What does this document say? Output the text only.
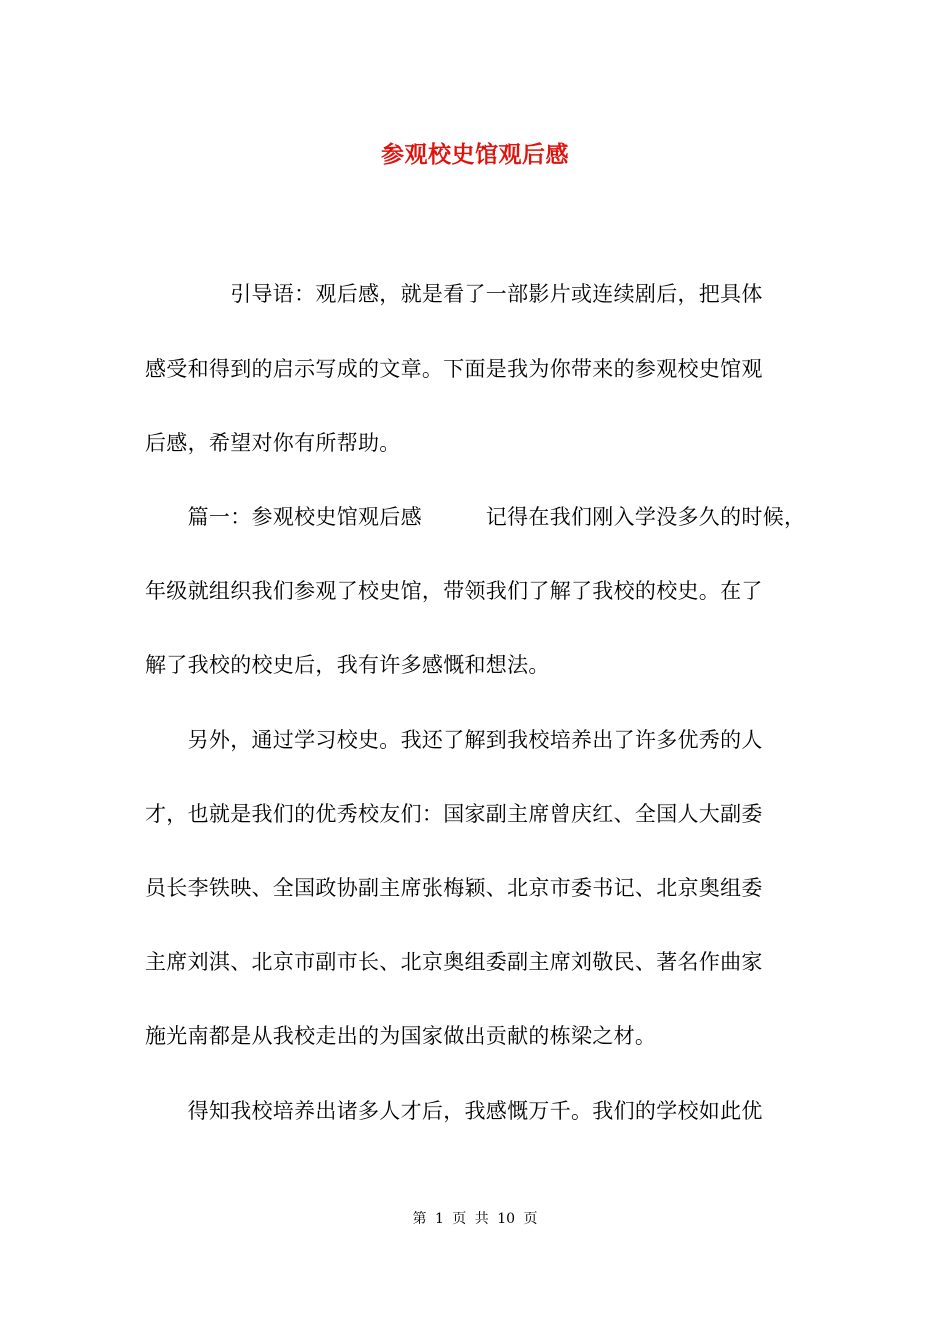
参观校史馆观后感
　　　　引导语：观后感，就是看了一部影片或连续剧后，把具体
感受和得到的启示写成的文章。下面是我为你带来的参观校史馆观
后感，希望对你有所帮助。
　　篇一：参观校史馆观后感　　　记得在我们刚入学没多久的时候，
年级就组织我们参观了校史馆，带领我们了解了我校的校史。在了
解了我校的校史后，我有许多感慨和想法。
　　另外，通过学习校史。我还了解到我校培养出了许多优秀的人
才，也就是我们的优秀校友们：国家副主席曾庆红、全国人大副委
员长李铁映、全国政协副主席张梅颖、北京市委书记、北京奥组委
主席刘淇、北京市副市长、北京奥组委副主席刘敬民、著名作曲家
施光南都是从我校走出的为国家做出贡献的栋梁之材。
　　得知我校培养出诸多人才后，我感慨万千。我们的学校如此优
第 1 页 共 10 页
